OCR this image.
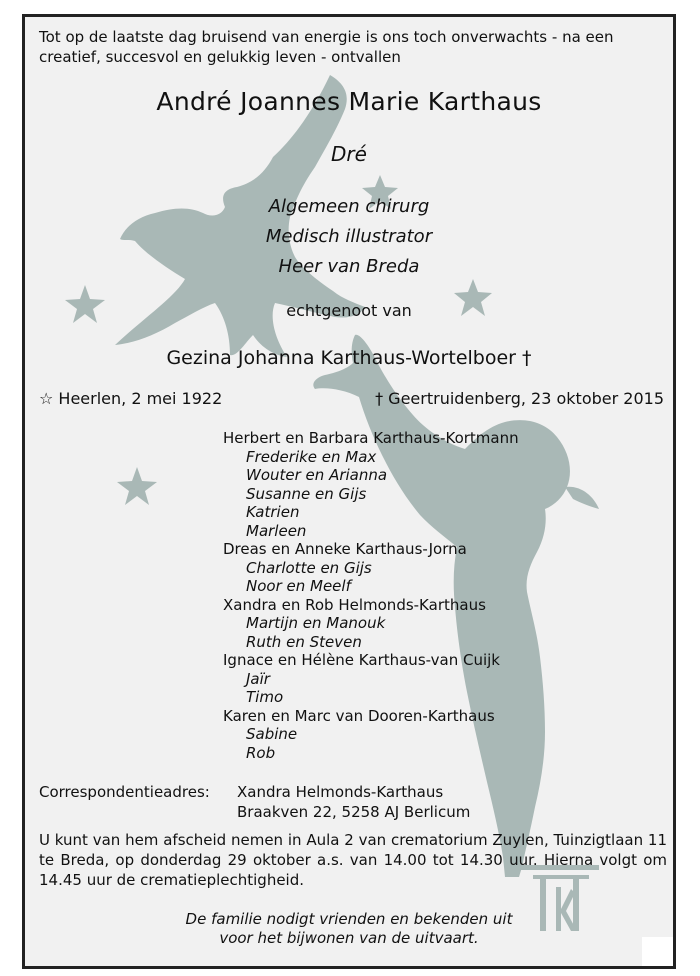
Tot op de laatste dag bruisend van energie is ons toch onverwachts - na een creatief, succesvol en gelukkig leven - ontvallen
André Joannes Marie Karthaus
Dré
Algemeen chirurg
Medisch illustrator
Heer van Breda
echtgenoot van
Gezina Johanna Karthaus-Wortelboer †
☆ Heerlen, 2 mei 1922	† Geertruidenberg, 23 oktober 2015
Herbert en Barbara Karthaus-Kortmann
Frederike en Max
Wouter en Arianna
Susanne en Gijs
Katrien
Marleen
Dreas en Anneke Karthaus-Jorna
Charlotte en Gijs
Noor en Meelf
Xandra en Rob Helmonds-Karthaus
Martijn en Manouk
Ruth en Steven
Ignace en Hélène Karthaus-van Cuijk
Jaïr
Timo
Karen en Marc van Dooren-Karthaus
Sabine
Rob
Correspondentieadres: Xandra Helmonds-Karthaus
Braakven 22, 5258 AJ Berlicum
U kunt van hem afscheid nemen in Aula 2 van crematorium Zuylen, Tuinzigtlaan 11 te Breda, op donderdag 29 oktober a.s. van 14.00 tot 14.30 uur. Hierna volgt om 14.45 uur de crematieplechtigheid.
De familie nodigt vrienden en bekenden uit
voor het bijwonen van de uitvaart.
